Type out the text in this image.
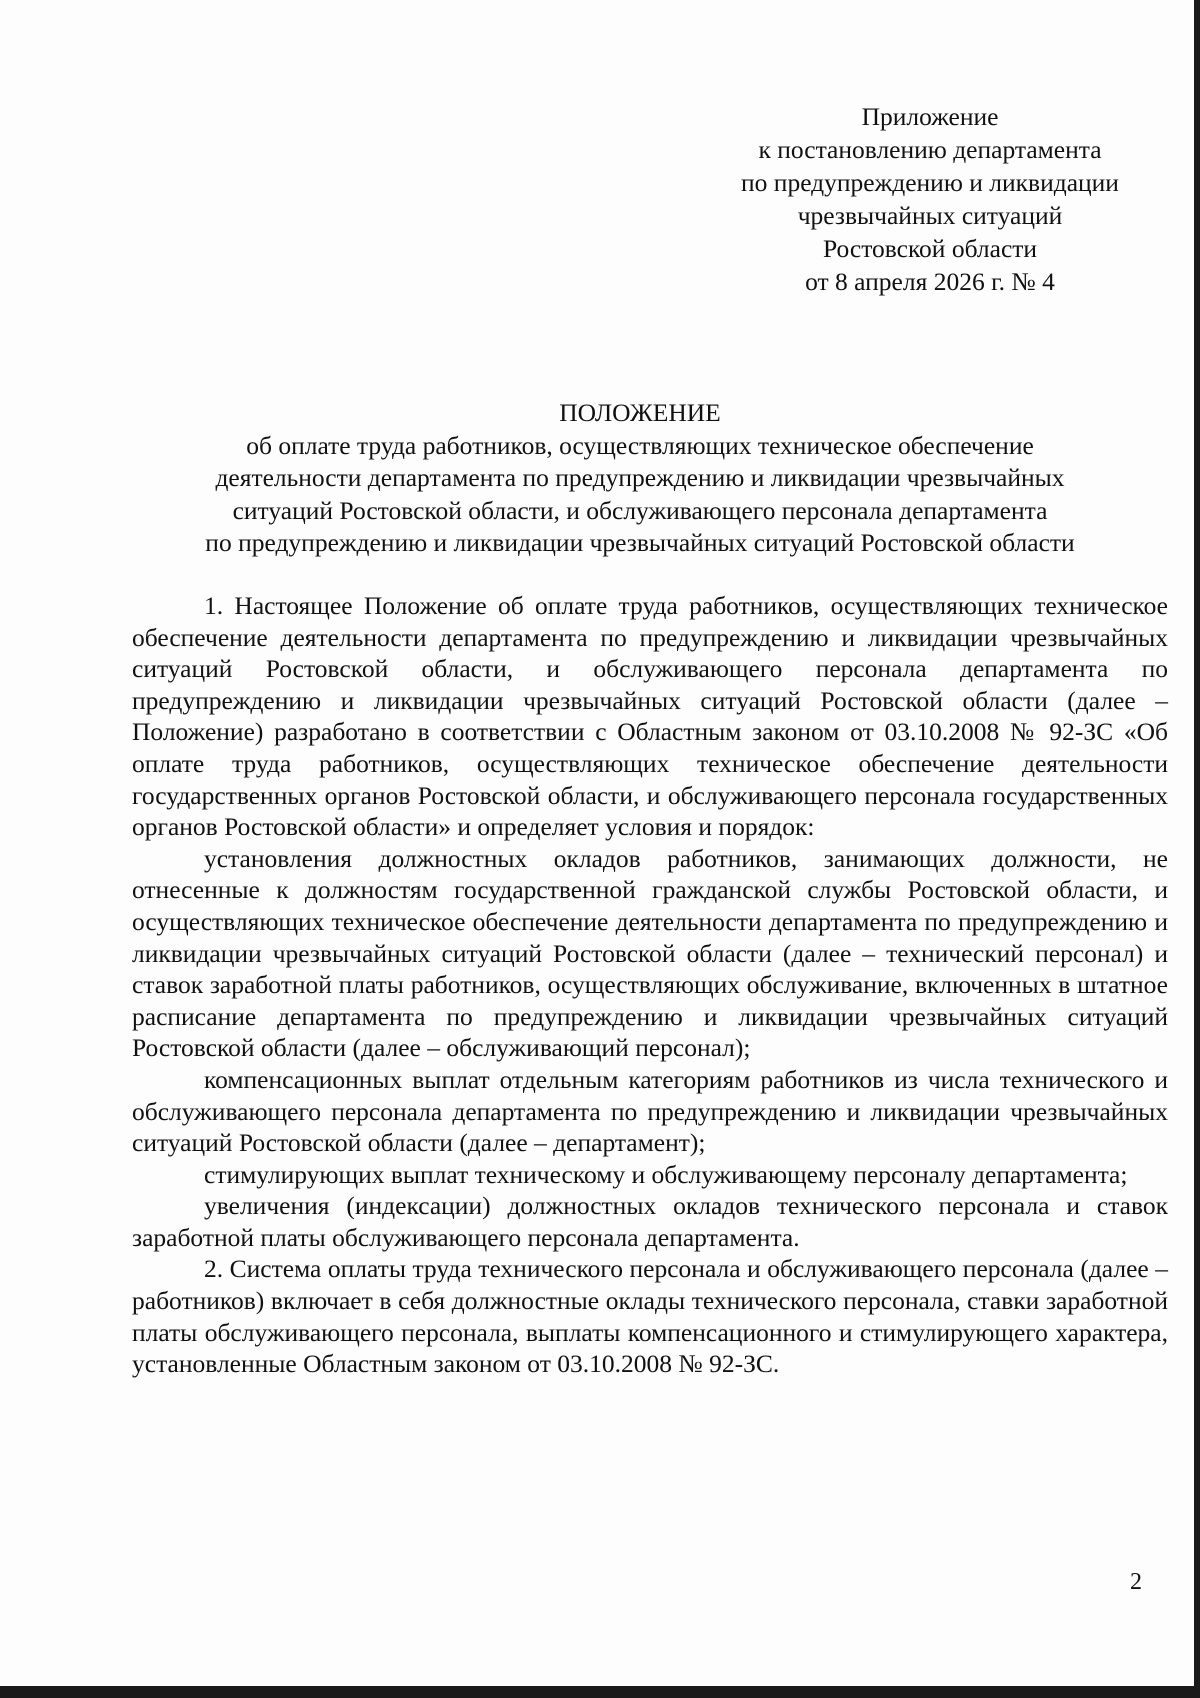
Приложение
к постановлению департамента
по предупреждению и ликвидации
чрезвычайных ситуаций
Ростовской области
от 8 апреля 2026 г. № 4
ПОЛОЖЕНИЕ
об оплате труда работников, осуществляющих техническое обеспечение
деятельности департамента по предупреждению и ликвидации чрезвычайных
ситуаций Ростовской области, и обслуживающего персонала департамента
по предупреждению и ликвидации чрезвычайных ситуаций Ростовской области

1. Настоящее Положение об оплате труда работников, осуществляющих техническое обеспечение деятельности департамента по предупреждению и ликвидации чрезвычайных ситуаций Ростовской области, и обслуживающего персонала департамента по предупреждению и ликвидации чрезвычайных ситуаций Ростовской области (далее – Положение) разработано в соответствии с Областным законом от 03.10.2008 № 92-ЗС «Об оплате труда работников, осуществляющих техническое обеспечение деятельности государственных органов Ростовской области, и обслуживающего персонала государственных органов Ростовской области» и определяет условия и порядок:

установления должностных окладов работников, занимающих должности, не отнесенные к должностям государственной гражданской службы Ростовской области, и осуществляющих техническое обеспечение деятельности департамента по предупреждению и ликвидации чрезвычайных ситуаций Ростовской области (далее – технический персонал) и ставок заработной платы работников, осуществляющих обслуживание, включенных в штатное расписание департамента по предупреждению и ликвидации чрезвычайных ситуаций Ростовской области (далее – обслуживающий персонал);

компенсационных выплат отдельным категориям работников из числа технического и обслуживающего персонала департамента по предупреждению и ликвидации чрезвычайных ситуаций Ростовской области (далее – департамент);

стимулирующих выплат техническому и обслуживающему персоналу департамента;

увеличения (индексации) должностных окладов технического персонала и ставок заработной платы обслуживающего персонала департамента.

2. Система оплаты труда технического персонала и обслуживающего персонала (далее – работников) включает в себя должностные оклады технического персонала, ставки заработной платы обслуживающего персонала, выплаты компенсационного и стимулирующего характера, установленные Областным законом от 03.10.2008 № 92-ЗС.

2
